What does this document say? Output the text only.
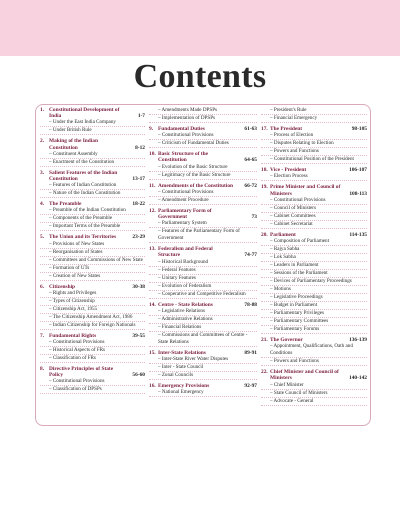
Contents
1. Constitutional Development of India	1-7
– Under the East India Company
– Under British Rule
2. Making of the Indian Constitution	8-12
– Constituent Assembly
– Enactment of the Constitution
3. Salient Features of the Indian Constitution	13-17
– Features of Indian Constitution
– Nature of the Indian Constitution
4. The Preamble	18-22
– Preamble of the Indian Constitution
– Components of the Preamble
– Important Terms of the Preamble
5. The Union and its Territories	23-29
– Provisions of New States
– Reorganisation of States
– Committees and Commissions of New State
– Formation of UTs
– Creation of New States
6. Citizenship	30-38
– Rights and Privileges
– Types of Citizenship
– Citizenship Act, 1955
– The Citizenship Amendment Act, 1986
– Indian Citizenship for Foreign Nationals
7. Fundamental Rights	39-55
– Constitutional Provisions
– Historical Aspects of FRs
– Classification of FRs
8. Directive Principles of State Policy	56-60
– Constitutional Provisions
– Classification of DPSPs
– Amendments Made DPSPs
– Implementation of DPSPs
9. Fundamental Duties	61-63
– Constitutional Provisions
– Criticism of Fundamental Duties
10. Basic Structure of the Constitution	64-65
– Evolution of the Basic Structure
– Legitimacy of the Basic Structure
11. Amendments of the Constitution	66-72
– Constitutional Provisions
– Amendment Procedure
12. Parliamentary Form of Government	73
– Parliamentary System
– Features of the Parliamentary Form of Government
13. Federalism and Federal Structure	74-77
– Historical Background
– Federal Features
– Unitary Features
– Evolution of Federalism
– Cooperative and Competitive Federalism
14. Centre - State Relations	78-88
– Legislative Relations
– Administrative Relations
– Financial Relations
– Commissions and Committees of Centre - State Relations
15. Inter-State Relations	89-91
– Inter-State River Water Disputes
– Inter - State Council
– Zonal Councils
16. Emergency Provisions	92-97
– National Emergency
– President's Rule
– Financial Emergency
17. The President	98-105
– Process of Election
– Disputes Relating to Election
– Powers and Functions
– Constitutional Position of the President
18. Vice - President	106-107
– Election Process
19. Prime Minister and Council of Ministers	108-113
– Constitutional Provisions
– Council of Ministers
– Cabinet Committees
– Cabinet Secretariat
20. Parliament	114-135
– Composition of Parliament
– Rajya Sabha
– Lok Sabha
– Leaders in Parliament
– Sessions of the Parliament
– Devices of Parliamentary Proceedings
– Motions
– Legislative Proceedings
– Budget in Parliament
– Parliamentary Privileges
– Parliamentary Committees
– Parliamentary Forums
21. The Governor	136-139
– Appointment, Qualifications, Oath and Conditions
– Powers and Functions
22. Chief Minister and Council of Ministers	140-142
– Chief Minister
– State Council of Ministers
– Advocate - General
